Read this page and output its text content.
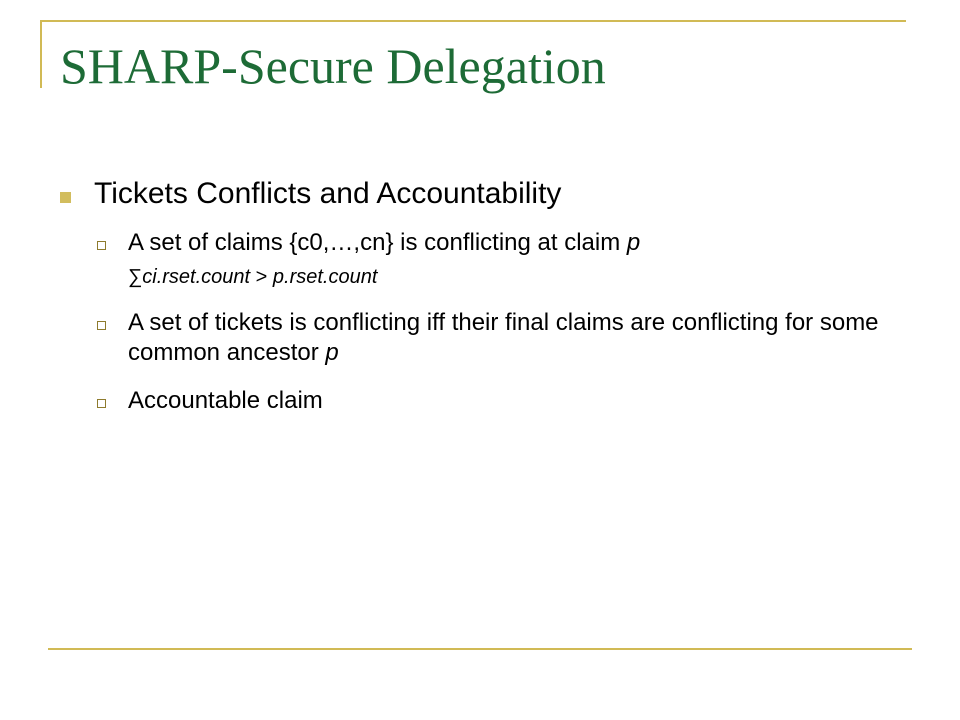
SHARP-Secure Delegation
Tickets Conflicts and Accountability
A set of claims {c0,…,cn} is conflicting at claim p
∑ci.rset.count > p.rset.count
A set of tickets is conflicting iff their final claims are conflicting for some common ancestor p
Accountable claim
